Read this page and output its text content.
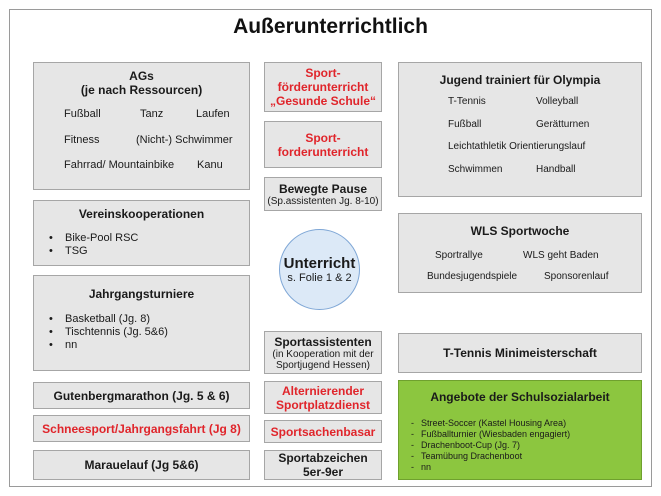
Außerunterrichtlich
AGs
(je nach Ressourcen)
Fußball	Tanz	Laufen
Fitness	(Nicht-) Schwimmer
Fahrrad/ Mountainbike Kanu
Vereinskooperationen
• Bike-Pool RSC
• TSG
Jahrgangsturniere
• Basketball (Jg. 8)
• Tischtennis (Jg. 5&6)
• nn
Gutenbergmarathon (Jg. 5 & 6)
Schneesport/Jahrgangsfahrt (Jg 8)
Marauelauf (Jg 5&6)
Sport-
förderunterricht
„Gesunde Schule“
Sport-
forderunterricht
Bewegte Pause
(Sp.assistenten Jg. 8-10)
Unterricht
s. Folie 1 & 2
Sportassistenten
(in Kooperation mit der
Sportjugend Hessen)
Alternierender
Sportplatzdienst
Sportsachenbasar
Sportabzeichen
5er-9er
Jugend trainiert für Olympia
T-Tennis	Volleyball
Fußball	Gerätturnen
Leichtathletik Orientierungslauf
Schwimmen	Handball
WLS Sportwoche
Sportrallye	WLS geht Baden
Bundesjugendspiele	Sponsorenlauf
T-Tennis Minimeisterschaft
Angebote der Schulsozialarbeit
- Street-Soccer (Kastel Housing Area)
- Fußballturnier (Wiesbaden engagiert)
- Drachenboot-Cup (Jg. 7)
- Teamübung Drachenboot
- nn
